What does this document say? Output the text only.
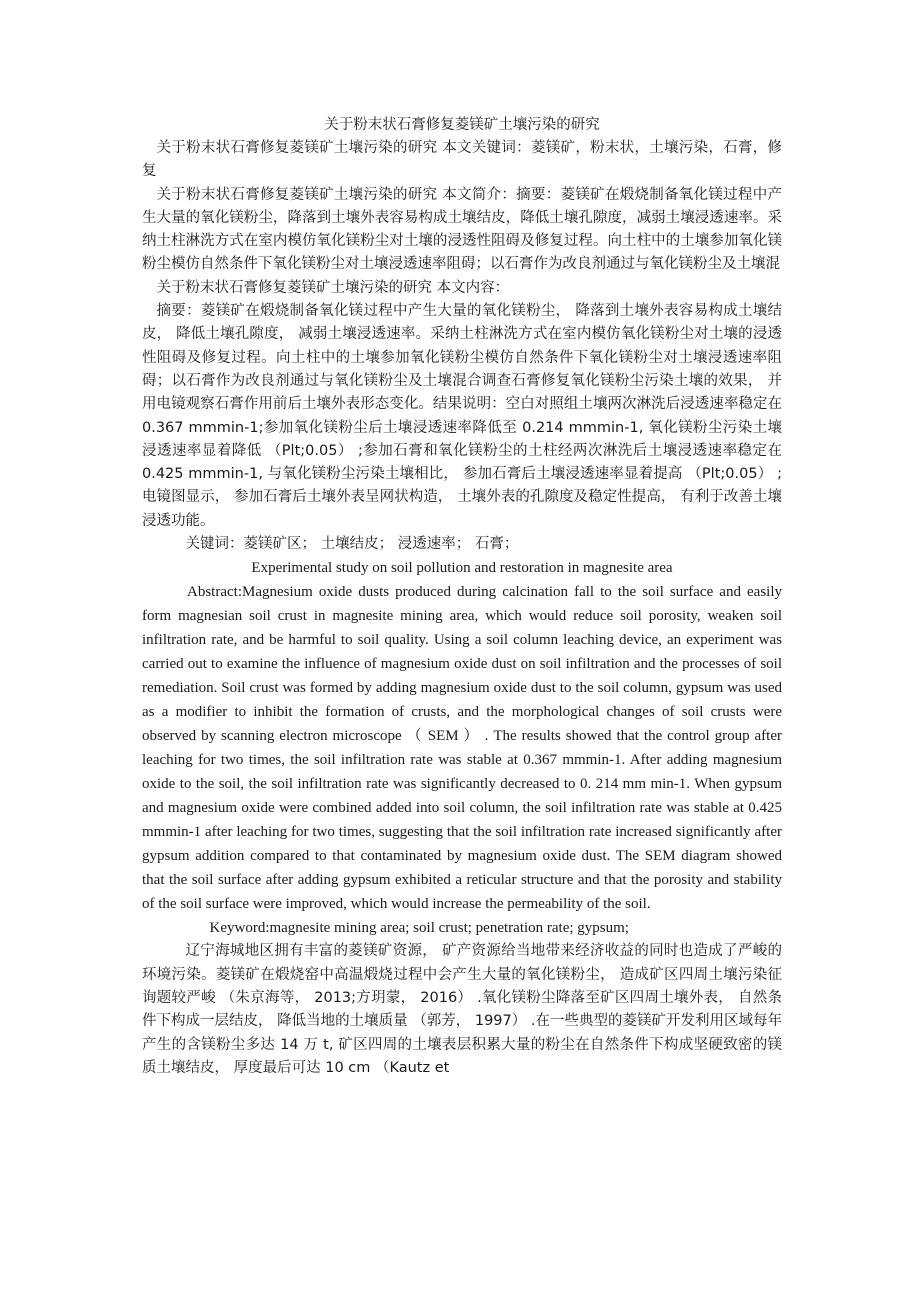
关于粉末状石膏修复菱镁矿土壤污染的研究

关于粉末状石膏修复菱镁矿土壤污染的研究 本文关键词：菱镁矿，粉末状，土壤污染，石膏，修复

关于粉末状石膏修复菱镁矿土壤污染的研究 本文简介：摘要：菱镁矿在煅烧制备氧化镁过程中产生大量的氧化镁粉尘，降落到土壤外表容易构成土壤结皮，降低土壤孔隙度，减弱土壤浸透速率。采纳土柱淋洗方式在室内模仿氧化镁粉尘对土壤的浸透性阻碍及修复过程。向土柱中的土壤参加氧化镁粉尘模仿自然条件下氧化镁粉尘对土壤浸透速率阻碍；以石膏作为改良剂通过与氧化镁粉尘及土壤混

关于粉末状石膏修复菱镁矿土壤污染的研究 本文内容：

摘要：菱镁矿在煅烧制备氧化镁过程中产生大量的氧化镁粉尘， 降落到土壤外表容易构成土壤结皮， 降低土壤孔隙度， 减弱土壤浸透速率。采纳土柱淋洗方式在室内模仿氧化镁粉尘对土壤的浸透性阻碍及修复过程。向土柱中的土壤参加氧化镁粉尘模仿自然条件下氧化镁粉尘对土壤浸透速率阻碍；以石膏作为改良剂通过与氧化镁粉尘及土壤混合调查石膏修复氧化镁粉尘污染土壤的效果， 并用电镜观察石膏作用前后土壤外表形态变化。结果说明：空白对照组土壤两次淋洗后浸透速率稳定在 0.367 mmmin-1;参加氧化镁粉尘后土壤浸透速率降低至 0.214 mmmin-1, 氧化镁粉尘污染土壤浸透速率显着降低 （Plt;0.05） ;参加石膏和氧化镁粉尘的土柱经两次淋洗后土壤浸透速率稳定在 0.425 mmmin-1, 与氧化镁粉尘污染土壤相比， 参加石膏后土壤浸透速率显着提高 （Plt;0.05） ;电镜图显示， 参加石膏后土壤外表呈网状构造， 土壤外表的孔隙度及稳定性提高， 有利于改善土壤浸透功能。

关键词：菱镁矿区； 土壤结皮； 浸透速率； 石膏；

Experimental study on soil pollution and restoration in magnesite area

Abstract:Magnesium oxide dusts produced during calcination fall to the soil surface and easily form magnesian soil crust in magnesite mining area, which would reduce soil porosity, weaken soil infiltration rate, and be harmful to soil quality. Using a soil column leaching device, an experiment was carried out to examine the influence of magnesium oxide dust on soil infiltration and the processes of soil remediation. Soil crust was formed by adding magnesium oxide dust to the soil column, gypsum was used as a modifier to inhibit the formation of crusts, and the morphological changes of soil crusts were observed by scanning electron microscope （ SEM ） . The results showed that the control group after leaching for two times, the soil infiltration rate was stable at 0.367 mmmin-1. After adding magnesium oxide to the soil, the soil infiltration rate was significantly decreased to 0. 214 mm min-1. When gypsum and magnesium oxide were combined added into soil column, the soil infiltration rate was stable at 0.425 mmmin-1 after leaching for two times, suggesting that the soil infiltration rate increased significantly after gypsum addition compared to that contaminated by magnesium oxide dust. The SEM diagram showed that the soil surface after adding gypsum exhibited a reticular structure and that the porosity and stability of the soil surface were improved, which would increase the permeability of the soil.

Keyword:magnesite mining area; soil crust; penetration rate; gypsum;

辽宁海城地区拥有丰富的菱镁矿资源， 矿产资源给当地带来经济收益的同时也造成了严峻的环境污染。菱镁矿在煅烧窑中高温煅烧过程中会产生大量的氧化镁粉尘， 造成矿区四周土壤污染征询题较严峻 （朱京海等， 2013;方玥蒙， 2016） .氧化镁粉尘降落至矿区四周土壤外表， 自然条件下构成一层结皮， 降低当地的土壤质量 （郭芳， 1997） .在一些典型的菱镁矿开发利用区域每年产生的含镁粉尘多达 14 万 t, 矿区四周的土壤表层积累大量的粉尘在自然条件下构成坚硬致密的镁质土壤结皮， 厚度最后可达 10 cm （Kautz et
